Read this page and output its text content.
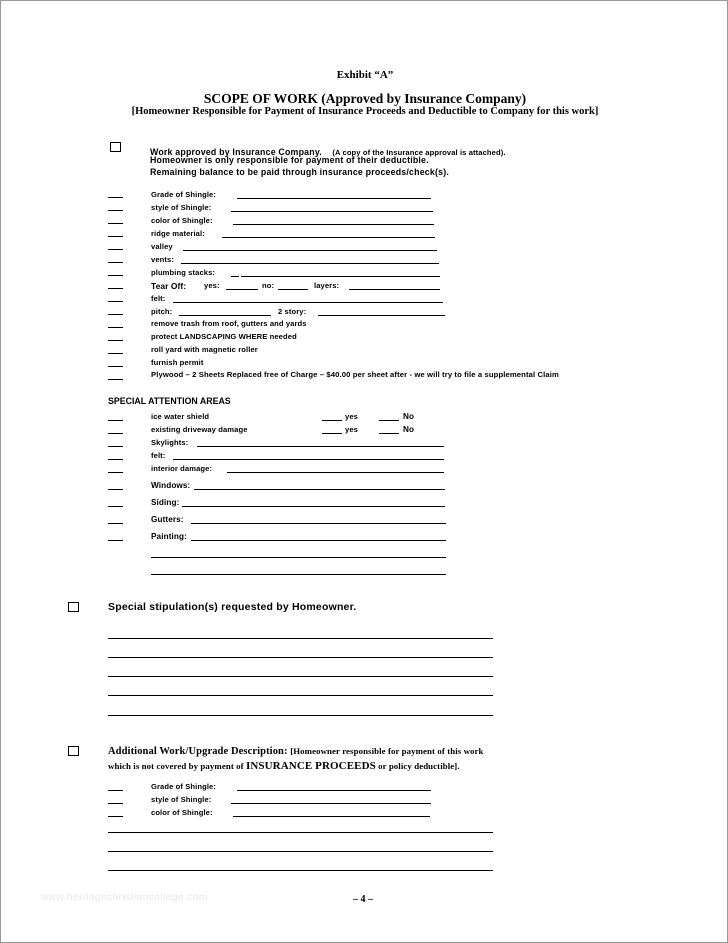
Exhibit “A”
SCOPE OF WORK (Approved by Insurance Company)
[Homeowner Responsible for Payment of Insurance Proceeds and Deductible to Company for this work]
Work approved by Insurance Company. (A copy of the Insurance approval is attached).
Homeowner is only responsible for payment of their deductible.
Remaining balance to be paid through insurance proceeds/check(s).
Grade of Shingle:
style of Shingle:
color of Shingle:
ridge material:
valley
vents:
plumbing stacks:
Tear Off: yes:	no:	layers:
felt:
pitch:	2 story:
remove trash from roof, gutters and yards
protect LANDSCAPING WHERE needed
roll yard with magnetic roller
furnish permit
Plywood – 2 Sheets Replaced free of Charge – $40.00 per sheet after - we will try to file a supplemental Claim
SPECIAL ATTENTION AREAS
ice water shield	yes	No
existing driveway damage	yes	No
Skylights:
felt:
interior damage:
Windows:
Siding:
Gutters:
Painting:
Special stipulation(s) requested by Homeowner.
Additional Work/Upgrade Description: [Homeowner responsible for payment of this work
which is not covered by payment of INSURANCE PROCEEDS or policy deductible].
Grade of Shingle:
style of Shingle:
color of Shingle:
www.heritagechristiancollege.com	– 4 –
